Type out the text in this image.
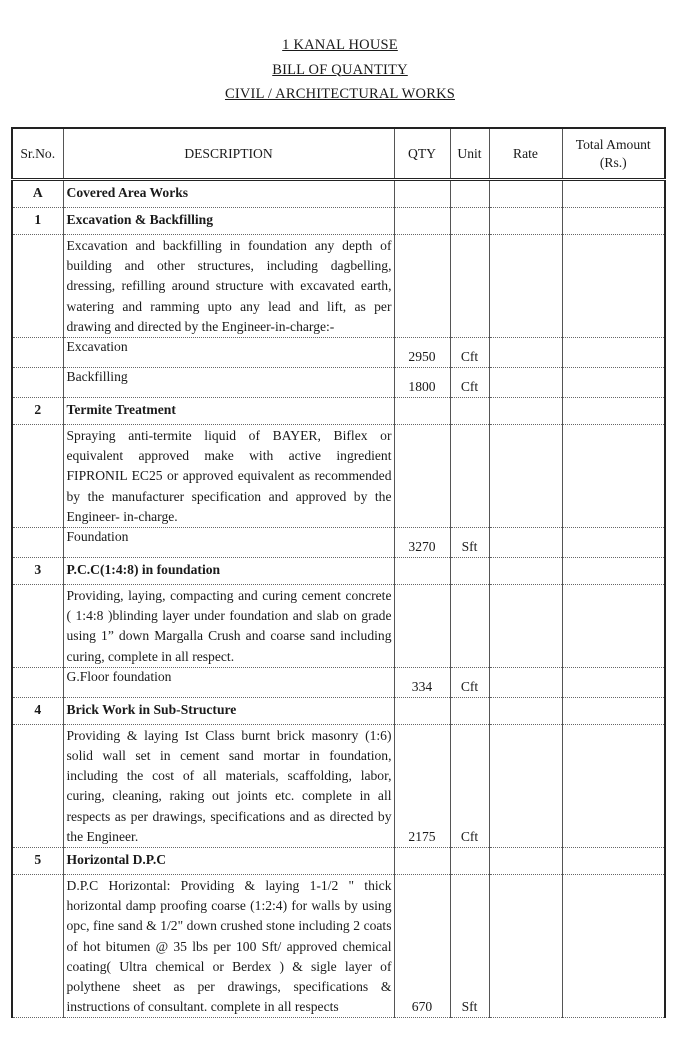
1 KANAL HOUSE
BILL OF QUANTITY
CIVIL / ARCHITECTURAL WORKS
Sr.No.	DESCRIPTION	QTY	Unit	Rate	Total Amount
(Rs.)
A	Covered Area Works				
1	Excavation & Backfilling				
	Excavation and backfilling in foundation any depth of building and other structures, including dagbelling, dressing, refilling around structure with excavated earth, watering and ramming upto any lead and lift, as per drawing and directed by the Engineer-in-charge:-				
	Excavation	2950	Cft		
	Backfilling	1800	Cft		
2	Termite Treatment				
	Spraying anti-termite liquid of BAYER, Biflex or equivalent approved make with active ingredient FIPRONIL EC25 or approved equivalent as recommended by the manufacturer specification and approved by the Engineer- in-charge.				
	Foundation	3270	Sft		
3	P.C.C(1:4:8) in foundation				
	Providing, laying, compacting and curing cement concrete ( 1:4:8 )blinding layer under foundation and slab on grade using 1” down Margalla Crush and coarse sand including curing, complete in all respect.				
	G.Floor foundation	334	Cft		
4	Brick Work in Sub-Structure				
	Providing & laying Ist Class burnt brick masonry (1:6) solid wall set in cement sand mortar in foundation, including the cost of all materials, scaffolding, labor, curing, cleaning, raking out joints etc. complete in all respects as per drawings, specifications and as directed by the Engineer.	2175	Cft		
5	Horizontal D.P.C				
	D.P.C Horizontal: Providing & laying 1-1/2 " thick horizontal damp proofing coarse (1:2:4) for walls by using opc, fine sand & 1/2" down crushed stone including 2 coats of hot bitumen @ 35 lbs per 100 Sft/ approved chemical coating( Ultra chemical or Berdex ) & sigle layer of polythene sheet as per drawings, specifications & instructions of consultant. complete in all respects	670	Sft		
